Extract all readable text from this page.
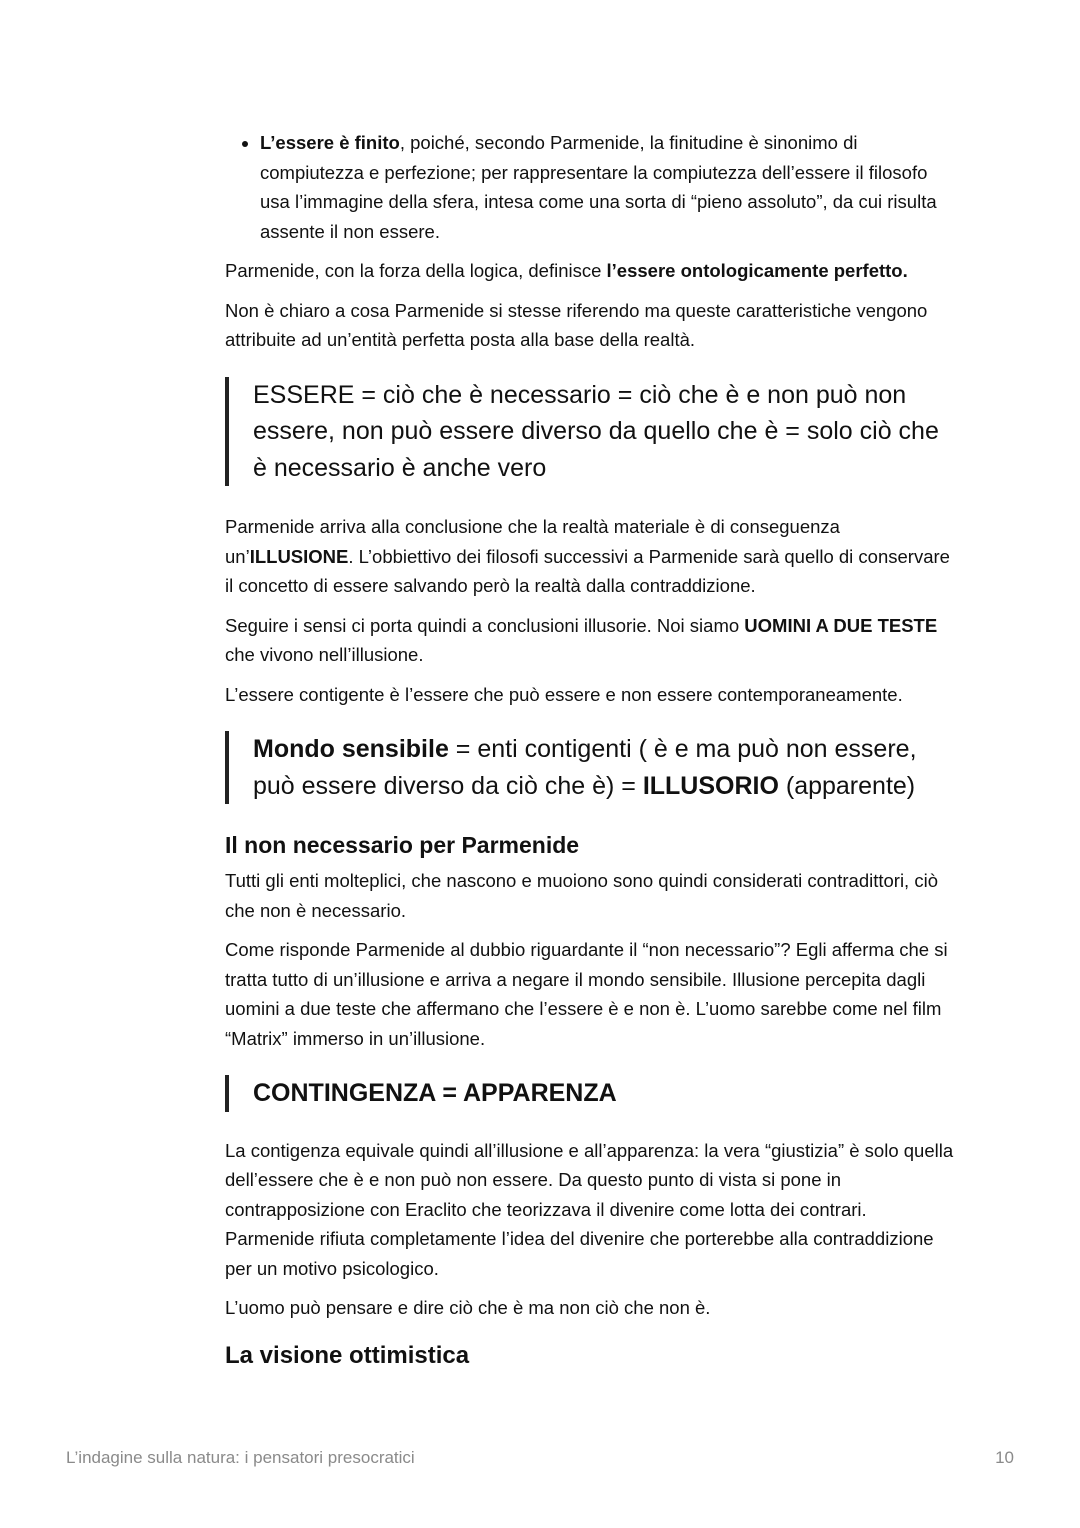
• L’essere è finito, poiché, secondo Parmenide, la finitudine è sinonimo di compiutezza e perfezione; per rappresentare la compiutezza dell’essere il filosofo usa l’immagine della sfera, intesa come una sorta di “pieno assoluto”, da cui risulta assente il non essere.

Parmenide, con la forza della logica, definisce l’essere ontologicamente perfetto.

Non è chiaro a cosa Parmenide si stesse riferendo ma queste caratteristiche vengono attribuite ad un’entità perfetta posta alla base della realtà.

ESSERE = ciò che è necessario = ciò che è e non può non essere, non può essere diverso da quello che è = solo ciò che è necessario è anche vero

Parmenide arriva alla conclusione che la realtà materiale è di conseguenza un’ILLUSIONE. L’obbiettivo dei filosofi successivi a Parmenide sarà quello di conservare il concetto di essere salvando però la realtà dalla contraddizione.

Seguire i sensi ci porta quindi a conclusioni illusorie. Noi siamo UOMINI A DUE TESTE che vivono nell’illusione.

L’essere contigente è l’essere che può essere e non essere contemporaneamente.

Mondo sensibile = enti contigenti ( è e ma può non essere, può essere diverso da ciò che è) = ILLUSORIO (apparente)
Il non necessario per Parmenide

Tutti gli enti molteplici, che nascono e muoiono sono quindi considerati contradittori, ciò che non è necessario.

Come risponde Parmenide al dubbio riguardante il “non necessario”? Egli afferma che si tratta tutto di un’illusione e arriva a negare il mondo sensibile. Illusione percepita dagli uomini a due teste che affermano che l’essere è e non è. L’uomo sarebbe come nel film “Matrix” immerso in un’illusione.

CONTINGENZA = APPARENZA

La contigenza equivale quindi all’illusione e all’apparenza: la vera “giustizia” è solo quella dell’essere che è e non può non essere. Da questo punto di vista si pone in contrapposizione con Eraclito che teorizzava il divenire come lotta dei contrari. Parmenide rifiuta completamente l’idea del divenire che porterebbe alla contraddizione per un motivo psicologico.

L’uomo può pensare e dire ciò che è ma non ciò che non è.

La visione ottimistica
L’indagine sulla natura: i pensatori presocratici	10
